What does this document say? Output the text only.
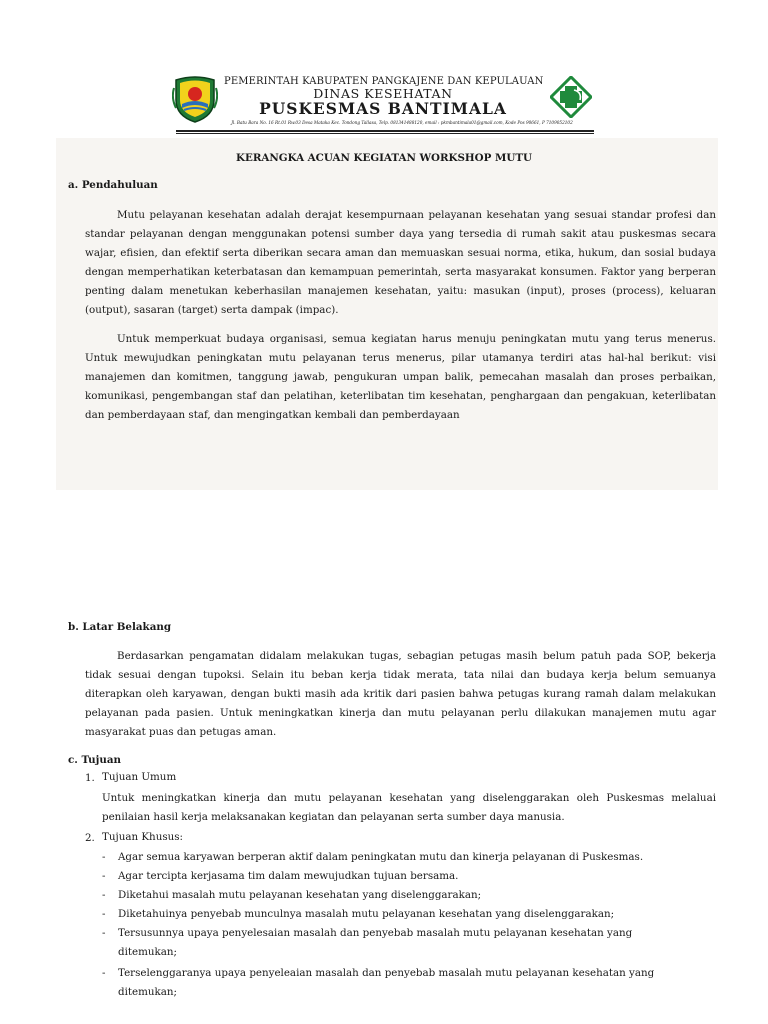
PEMERINTAH KABUPATEN PANGKAJENE DAN KEPULAUAN
DINAS KESEHATAN
PUSKESMAS BANTIMALA
Jl. Batu Bara No. 16 Rt.01 Rw.03 Desa Mataka Kec. Tondong Tallasa, Telp. 081341488120, email : pkmbantimala01@gmail.com, Kode Pos 90661, P 7109052102
KERANGKA ACUAN KEGIATAN WORKSHOP MUTU
a. Pendahuluan
Mutu pelayanan kesehatan adalah derajat kesempurnaan pelayanan kesehatan yang sesuai standar profesi dan standar pelayanan dengan menggunakan potensi sumber daya yang tersedia di rumah sakit atau puskesmas secara wajar, efisien, dan efektif serta diberikan secara aman dan memuaskan sesuai norma, etika, hukum, dan sosial budaya dengan memperhatikan keterbatasan dan kemampuan pemerintah, serta masyarakat konsumen. Faktor yang berperan penting dalam menetukan keberhasilan manajemen kesehatan, yaitu: masukan (input), proses (process), keluaran (output), sasaran (target) serta dampak (impac).
Untuk memperkuat budaya organisasi, semua kegiatan harus menuju peningkatan mutu yang terus menerus. Untuk mewujudkan peningkatan mutu pelayanan terus menerus, pilar utamanya terdiri atas hal-hal berikut: visi manajemen dan komitmen, tanggung jawab, pengukuran umpan balik, pemecahan masalah dan proses perbaikan, komunikasi, pengembangan staf dan pelatihan, keterlibatan tim kesehatan, penghargaan dan pengakuan, keterlibatan dan pemberdayaan staf, dan mengingatkan kembali dan pemberdayaan
b. Latar Belakang
Berdasarkan pengamatan didalam melakukan tugas, sebagian petugas masih belum patuh pada SOP, bekerja tidak sesuai dengan tupoksi. Selain itu beban kerja tidak merata, tata nilai dan budaya kerja belum semuanya diterapkan oleh karyawan, dengan bukti masih ada kritik dari pasien bahwa petugas kurang ramah dalam melakukan pelayanan pada pasien. Untuk meningkatkan kinerja dan mutu pelayanan perlu dilakukan manajemen mutu agar masyarakat puas dan petugas aman.
c. Tujuan
1. Tujuan Umum
Untuk meningkatkan kinerja dan mutu pelayanan kesehatan yang diselenggarakan oleh Puskesmas melaluai penilaian hasil kerja melaksanakan kegiatan dan pelayanan serta sumber daya manusia.
2. Tujuan Khusus:
- Agar semua karyawan berperan aktif dalam peningkatan mutu dan kinerja pelayanan di Puskesmas.
- Agar tercipta kerjasama tim dalam mewujudkan tujuan bersama.
- Diketahui masalah mutu pelayanan kesehatan yang diselenggarakan;
- Diketahuinya penyebab munculnya masalah mutu pelayanan kesehatan yang diselenggarakan;
- Tersusunnya upaya penyelesaian masalah dan penyebab masalah mutu pelayanan kesehatan yang ditemukan;
- Terselenggaranya upaya penyeleaian masalah dan penyebab masalah mutu pelayanan kesehatan yang ditemukan;
